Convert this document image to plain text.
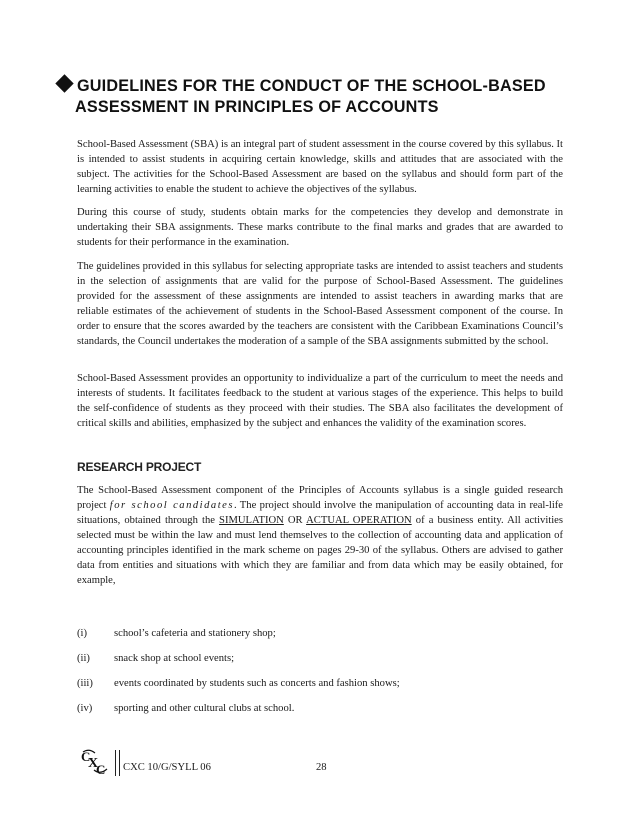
GUIDELINES FOR THE CONDUCT OF THE SCHOOL-BASED
ASSESSMENT IN PRINCIPLES OF ACCOUNTS

School-Based Assessment (SBA) is an integral part of student assessment in the course covered by this syllabus. It is intended to assist students in acquiring certain knowledge, skills and attitudes that are associated with the subject. The activities for the School-Based Assessment are based on the syllabus and should form part of the learning activities to enable the student to achieve the objectives of the syllabus.

During this course of study, students obtain marks for the competencies they develop and demonstrate in undertaking their SBA assignments. These marks contribute to the final marks and grades that are awarded to students for their performance in the examination.

The guidelines provided in this syllabus for selecting appropriate tasks are intended to assist teachers and students in the selection of assignments that are valid for the purpose of School-Based Assessment. The guidelines provided for the assessment of these assignments are intended to assist teachers in awarding marks that are reliable estimates of the achievement of students in the School-Based Assessment component of the course. In order to ensure that the scores awarded by the teachers are consistent with the Caribbean Examinations Council’s standards, the Council undertakes the moderation of a sample of the SBA assignments submitted by the school.

School-Based Assessment provides an opportunity to individualize a part of the curriculum to meet the needs and interests of students. It facilitates feedback to the student at various stages of the experience. This helps to build the self-confidence of students as they proceed with their studies. The SBA also facilitates the development of critical skills and abilities, emphasized by the subject and enhances the validity of the examination scores.

RESEARCH PROJECT

The School-Based Assessment component of the Principles of Accounts syllabus is a single guided research project for school candidates. The project should involve the manipulation of accounting data in real-life situations, obtained through the SIMULATION OR ACTUAL OPERATION of a business entity. All activities selected must be within the law and must lend themselves to the collection of accounting data and application of accounting principles identified in the mark scheme on pages 29-30 of the syllabus. Others are advised to gather data from entities and situations with which they are familiar and from data which may be easily obtained, for example,

(i)	school’s cafeteria and stationery shop;
(ii) snack shop at school events;
(iii) events coordinated by students such as concerts and fashion shows;
(iv) sporting and other cultural clubs at school.
C
X
C CXC 10/G/SYLL 06	28
